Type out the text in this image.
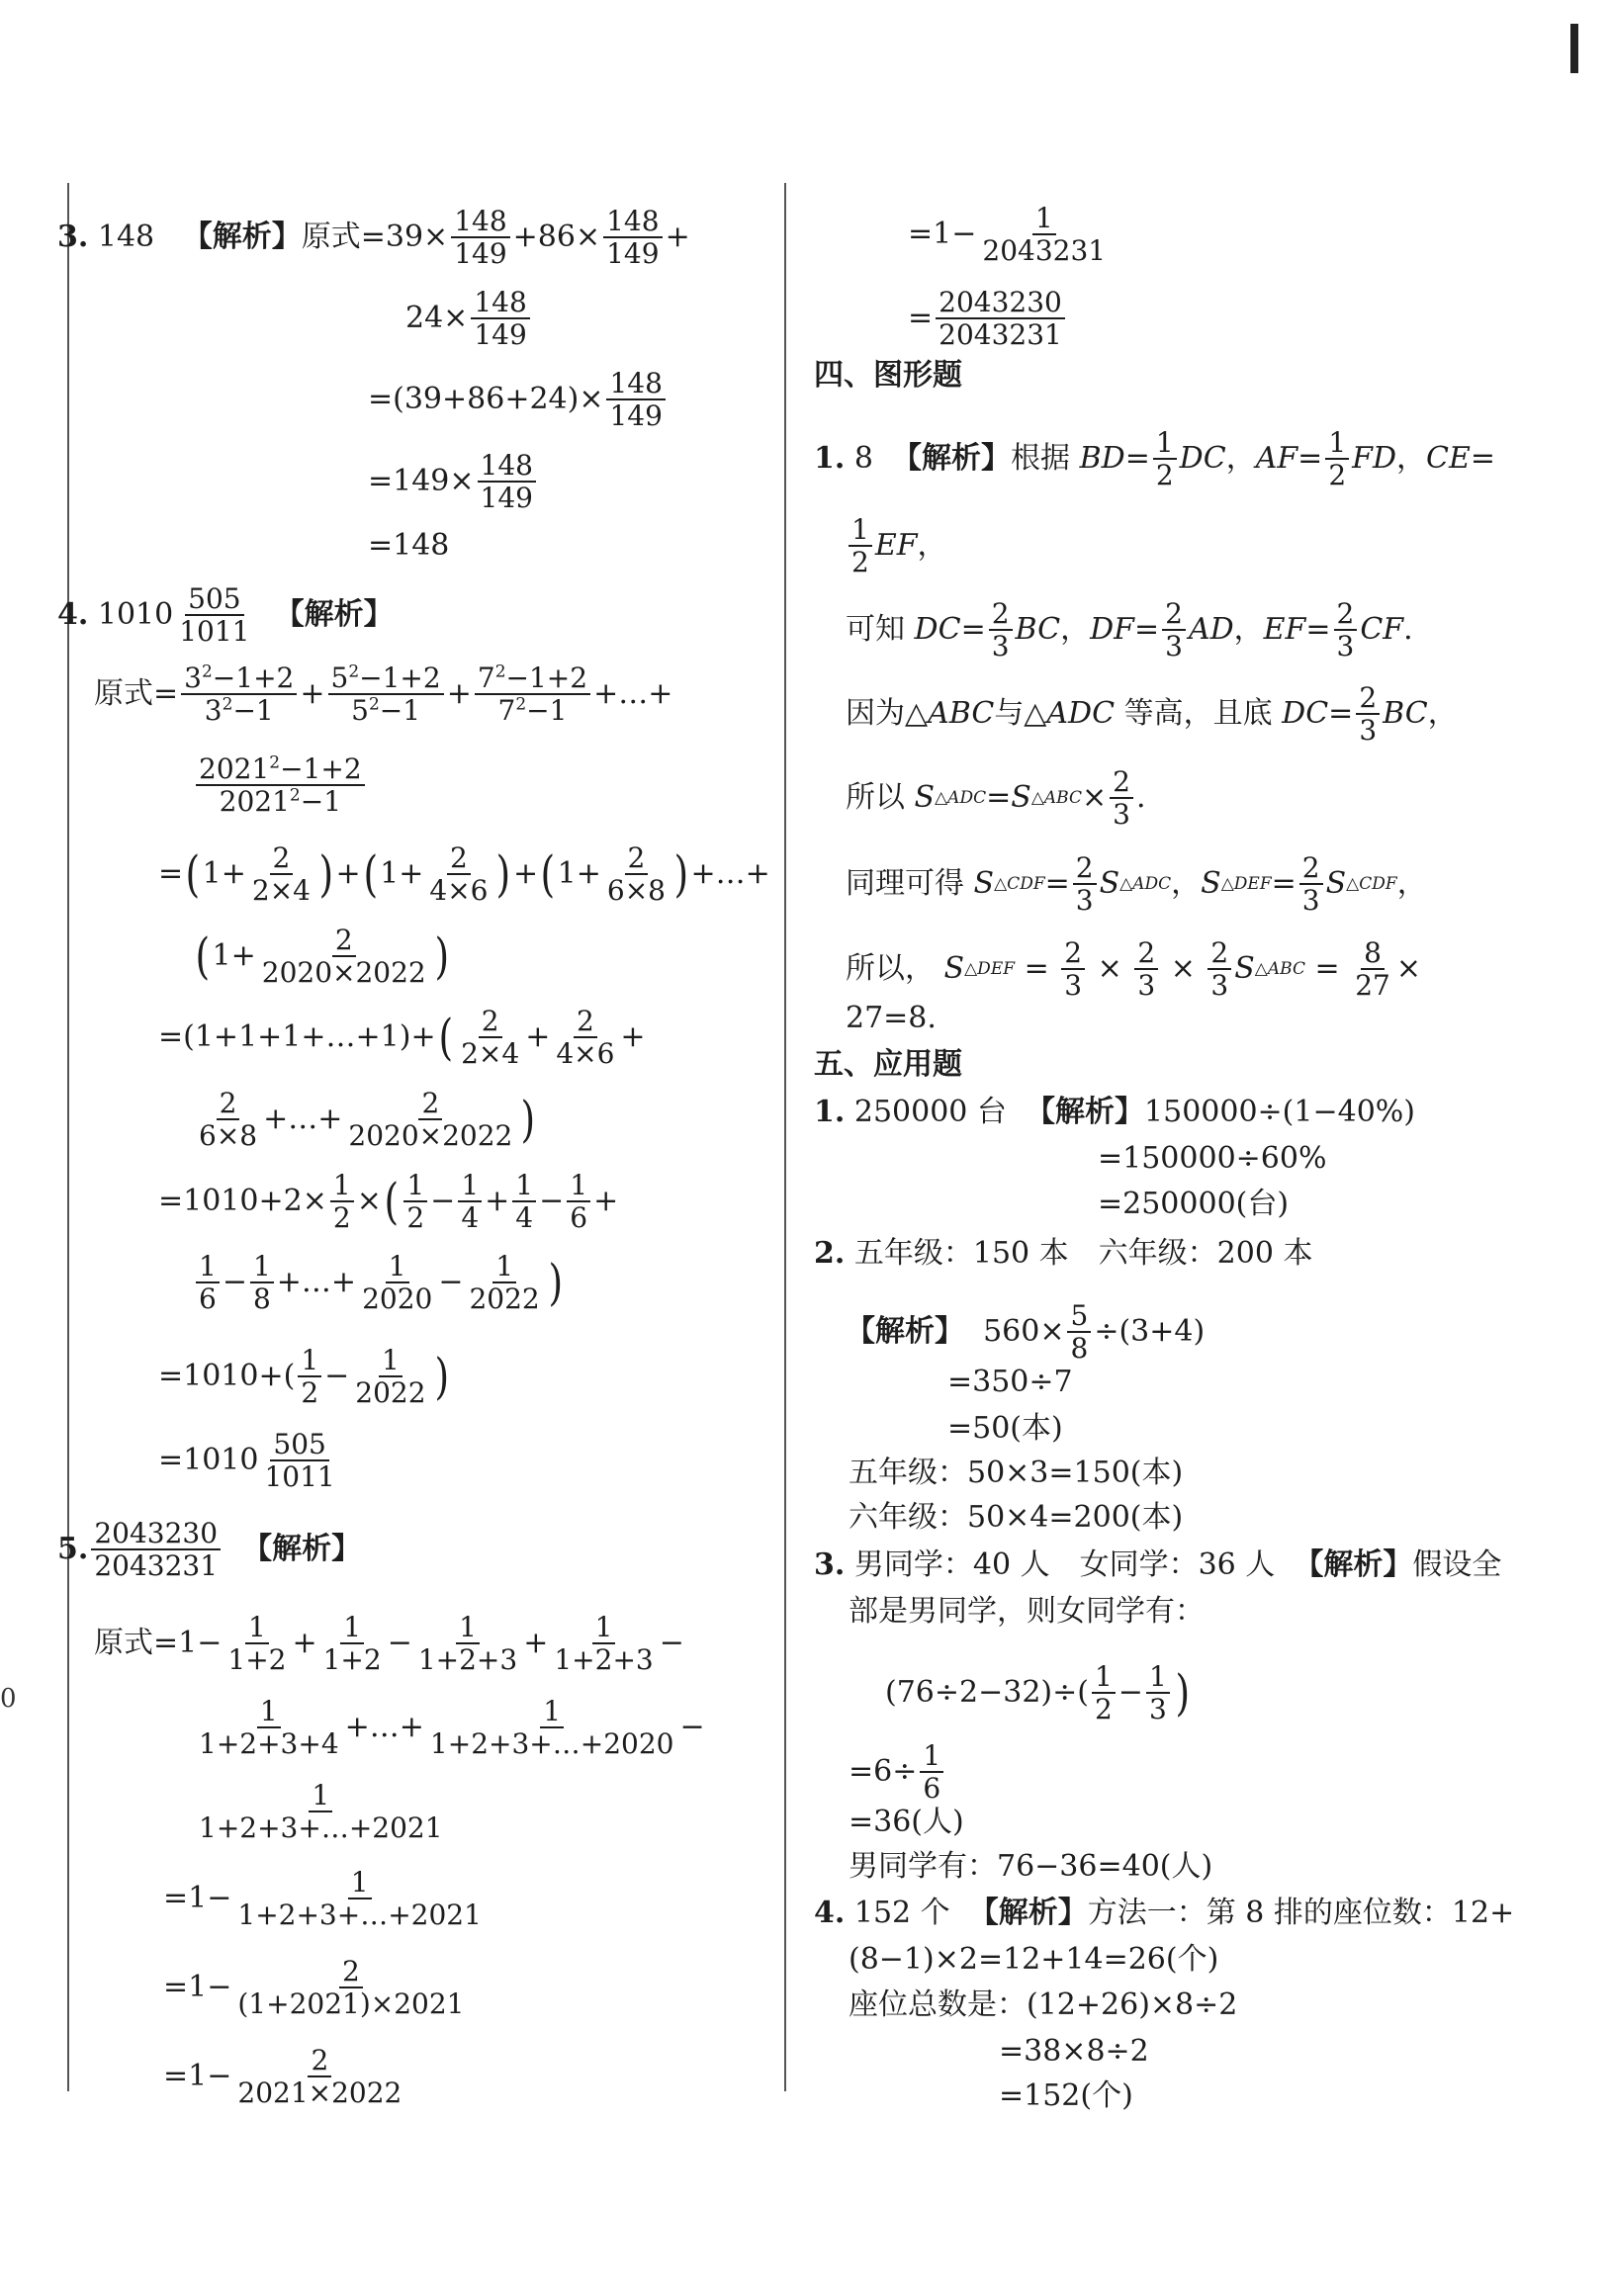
0
3.
148
【解析】 原式 $=39\times \frac{148}{149} +86\times \frac{148}{149}$ +
$24\times \frac{148}{149}$
$=(39+86+24)\times \frac{148}{149}$
$=149\times \frac{148}{149}$
=148
4.
1010 505
1011
【解析】
原式= $\frac{3^2-1+2}{3^2-1} + \frac{5^2-1+2}{5^2-1} + \frac{7^2-1+2}{7^2-1}$ +…+
$2021^2-1+2$
$2021^2-1$
= ( $1+ \frac{2}{2\times 4}$ ) + ( $1+ \frac{2}{4\times 6}$ ) + ( $1+ \frac{2}{6\times 8}$ ) +…+
( $1+ \frac{2}{2020\times 2022}$ )
=(1+1+1+…+1)+ ( 2
$2\times 4 + \frac{2}{4\times 6}$ +
2
6×8 +…+ $\frac{2}{2020\times 2022}$ )
$=1010+2\times \frac{1}{2}$ × ( 1
$2 - \frac{1}{4} + \frac{1}{4} - \frac{1}{6}$ +
1
$6 - \frac{1}{8}$ +…+ $\frac{1}{2020} - \frac{1}{2022}$ )
=1010+( 1
$2 - \frac{1}{2022}$ )
=1010 505
1011
5. 2043230
2043231
【解析】
原式$=1- \frac{1}{1+2} + \frac{1}{1+2} - \frac{1}{1+2+3} + \frac{1}{1+2+3}$ −
1
1+2+3+4 +…+ $\frac{1}{1+2+3+\dots+2020}$ −
1
1+2+3+…+2021
$=1- \frac{1}{1+2+3+\dots+2021}$
$=1- \frac{2}{(1+2021)\times 2021}$
$=1- \frac{2}{2021\times 2022}$
$=1- \frac{1}{2043231}$
= $\frac{2043230}{2043231}$
四、图形题
1.
8
【解析】 根据
BD = $\frac{1}{2}$ DC ， AF = $\frac{1}{2}$ FD ， CE =
1
2 EF ，
可知
DC = $\frac{2}{3}$ BC ， DF = $\frac{2}{3}$ AD ， EF = $\frac{2}{3}$ CF .
因为△ ABC 与△ ADC
等高，且底
DC = $\frac{2}{3}$ BC ，
所以
S △ADC = S △ABC × $\frac{2}{3}$ .
同理可得
S △CDF = $\frac{2}{3}$ S △ADC ， S △DEF = $\frac{2}{3}$ S △CDF ，
所以，
S △DEF
=
$\frac{2}{3}$
×
$\frac{2}{3}$
×
$\frac{2}{3}$ S △ABC
=
$\frac{8}{27}$ ×
27=8.
五、应用题
1.
250000 台
【解析】 150000÷(1−40%)
=150000÷60%
=250000(台)
2.
五年级：150 本　六年级：200 本
【解析】
$560\times \frac{5}{8} \div(3+4)$
=350÷7
=50(本)
五年级：50×3=150(本)
六年级：50×4=200(本)
3.
男同学：40 人　女同学：36 人
【解析】 假设全
部是男同学，则女同学有：
(76÷2−32)÷( 1
$2 - \frac{1}{3}$ )
$=6\div \frac{1}{6}$
=36(人)
男同学有：76−36=40(人)
4.
152 个
【解析】 方法一：第 8 排的座位数：12+
(8−1)×2=12+14=26(个)
座位总数是：(12+26)×8÷2
=38×8÷2
=152(个)
